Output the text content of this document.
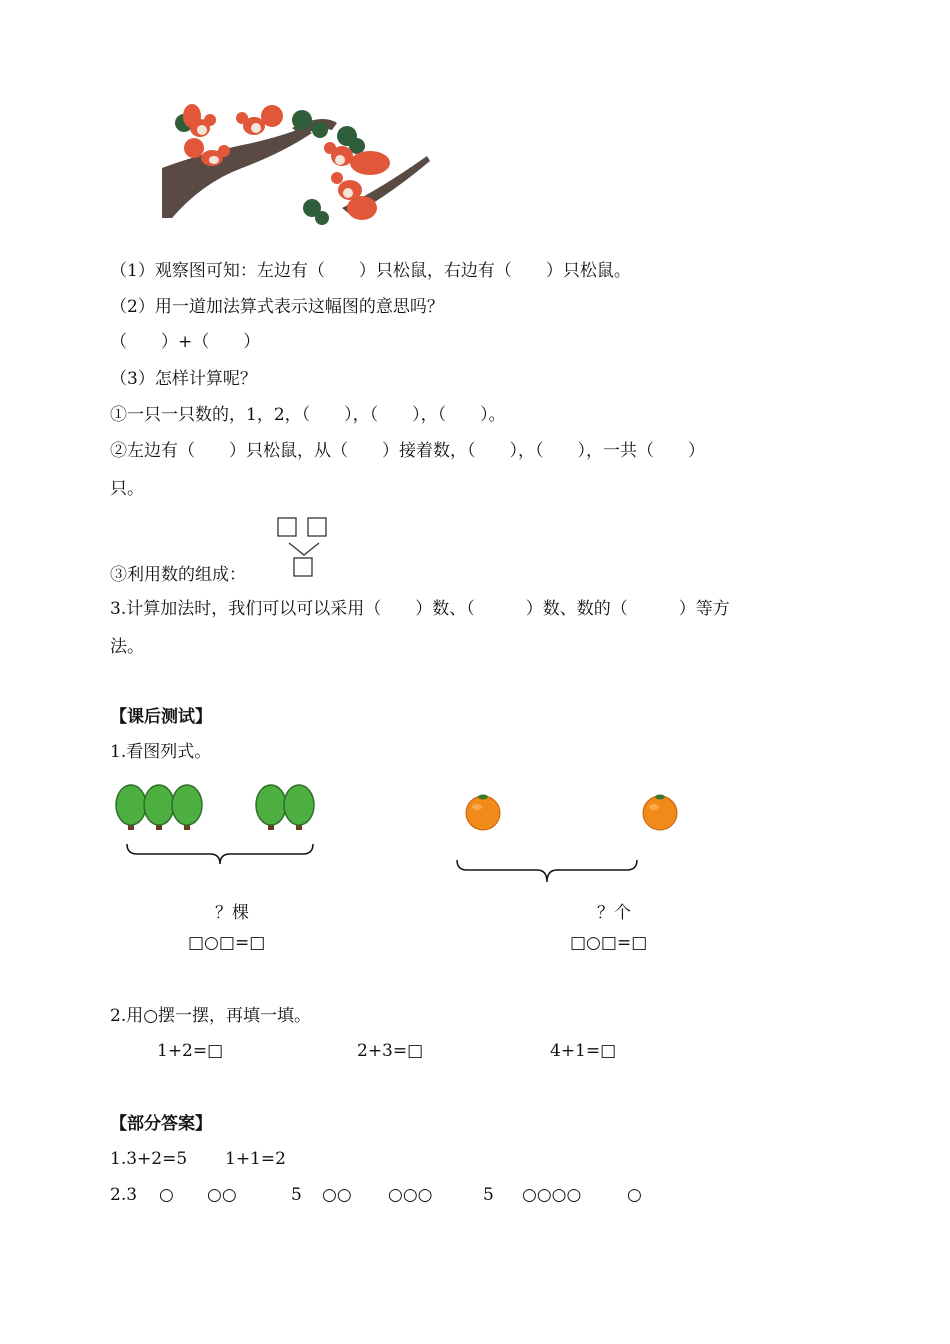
（1）观察图可知：左边有（　　）只松鼠，右边有（　　）只松鼠。
（2）用一道加法算式表示这幅图的意思吗？
（　　）+（　　）
（3）怎样计算呢？
①一只一只数的，1，2，（　　），（　　），（　　）。
②左边有（　　）只松鼠，从（　　）接着数，（　　），（　　），一共（　　）
只。
③利用数的组成：
3.计算加法时，我们可以可以采用（　　）数、（　　　）数、数的（　　　）等方
法。
【课后测试】
1.看图列式。
？棵
□○□=□
？个
□○□=□
2.用○摆一摆，再填一填。
1+2=□	2+3=□	4+1=□
【部分答案】
1.3+2=5 1+1=2
2.3 ○ ○○	5 ○○ ○○○	5 ○○○○	○
